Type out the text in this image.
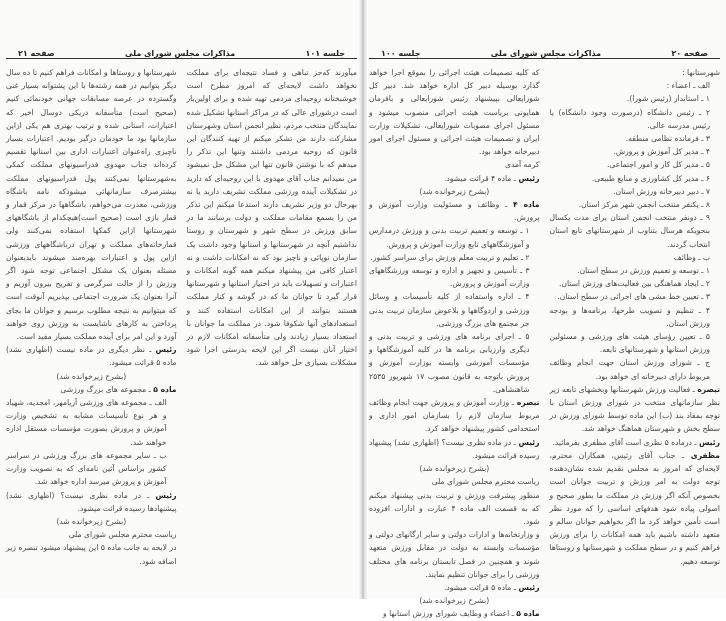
جلسه ۱۰۱
مذاکرات مجلس شورای ملی
صفحه ۲۱

میآورند که‌جز تباهی و فساد نتیجه‌ای برای مملکت نخواهد داشت لایحه‌ای که امروز مطرح است خوشبختانه روحیه‌ای مردمی تهیه شده و برای اولین‌بار است درشورای عالی که در مراکز استانها تشکیل شده نمایندگان منتخب مردم، نظیر انجمن استان وشهرستان مشارکت دارند من تشکر میکنم از تهیه کنندگان این قانون که روحیه مردمی داشتند وتنها این تذکر را میدهم که با نوشتن قانون تنها این مشکل حل نمیشود من نمیدانم جناب آقای مهدوی با این روحیه‌ای که دارید در تشکیلات آینده ورزشی مملکت تشریف دارید یا نه بهرحال دو وزیر تشریف دارند استدعا میکنم این تذکر من را بسمع مقامات مملکت و دولت برسانند ما در سابق ورزش در سطح شهر و شهرستان و روستا نداشتیم آنچه در شهرستانها و استانها وجود داشت یک سازمان نوپائی و ناچیز بود که نه امکانات داشت و نه اعتبار کافی من پیشنهاد میکنم همه گونه امکانات و اعتبارات و تسهیلات باید در اختیار استانها و شهرستانها قرار گیرد تا جوانان ما که در گوشه و کنار مملکت هستند بتوانند از این امکانات استفاده کنند و استعدادهای آنها شکوفا شود. در مملکت ما جوانان با استعداد بسیار زیادند ولی متأسفانه امکانات لازم در اختیار آنان نیست اگر این لایحه بدرستی اجرا شود مشکلات بسیاری حل خواهد شد.

شهرستانها و روستاها و امکانات فراهم کنیم تا ده سال دیگر بتوانیم در همه رشته‌ها با این پشتوانه بسیار غنی وگسترده در عرصه مسابقات جهانی خودنمائی کنیم (صحیح است) متأسفانه دریکی دوسال اخیر که اعتبارات، استانی شده و ترتیب بهتری هم یکی ازاین سازمانها بود ما خودمان درگیر بودیم. اعتبارات بسیار ناچیزی راه‌عنوان اعتبارات اداری بین استانها تقسیم کرده‌اند جناب مهدوی فدراسیونهای مملکت کمکی به‌شهرستانها نمی‌کنند پول فدراسیونهای مملکت بیشترصرف سازمانهائی میشودکه نامه باشگاه ورزشی، معذرت می‌خواهم، باشگاهها در مرکز قمار و قمار بازی است (صحیح است)هیچکدام از باشگاههای شهرستانها ازاین کمکها استفاده نمی‌کنند ولی قمارخانه‌های مملکت و تهران درباشگاههای ورزشی ازاین پول و اعتبارات بهره‌مند میشوند بایدبعنوان مسئله بعنوان یک مشکل اجتماعی توجه شود اگر ورزش را از حالت سرگرمی و تفریح بیرون آوریم و آنرا بعنوان یک ضرورت اجتماعی بپذیریم آنوقت است که میتوانیم به نتیجه مطلوب برسیم و جوانان ما بجای پرداختن به کارهای ناشایست به ورزش روی خواهند آورد و این امر برای آینده مملکت بسیار مفید است.

رئیس ـ نظر دیگری در ماده نیست (اظهاری نشد) ماده ۵ قرائت میشود.

(بشرح زیرخوانده شد)

ماده ۵ ـ مجموعه های بزرگ ورزشی

الف ـ مجموعه های ورزشی آریامهر، امجدیه، شهیاد و هر نوع تأسیسات مشابه به تشخیص وزارت آموزش و پرورش بصورت مؤسسات مستقل اداره خواهند شد.

ب ـ سایر مجموعه های بزرگ ورزشی در سراسر کشور براساس آئین نامه‌ای که به تصویب وزارت آموزش و پرورش میرسد اداره خواهد شد.

رئیس ـ در ماده نظری نیست؟ (اظهاری نشد) پیشنهادها رسیده قرائت میشود.

(بشرح زیرخوانده شد)

ریاست محترم مجلس شورای ملی

در لایحه به جانب ماده ۵ این پیشنهاد میشود تبصره زیر اضافه شود.

صفحه ۲۰
مذاکرات مجلس شورای ملی
جلسه ۱۰۰

شهرستانها :

الف ـ اعضاء :

۱ ـ استاندار (رئیس شورا).

۲ ـ رئیس دانشگاه (درصورت وجود دانشگاه) یا رئیس مدرسه عالی.

۳ ـ فرمانده نظامی منطقه.

۴ ـ مدیر کل آموزش و پرورش.

۵ ـ مدیر کل کار و امور اجتماعی.

۶ ـ مدیر کل کشاورزی و منابع طبیعی.

۷ ـ دبیر دبیرخانه ورزش استان.

۸ ـ یکنفر منتخب انجمن شهر مرکز استان.

۹ ـ دونفر منتخب انجمن استان برای مدت یکسال بنحویکه هرسال بتناوب از شهرستانهای تابع استان انتخاب گردند.

ب ـ وظائف

۱ ـ توسعه و تعمیم ورزش در سطح استان.

۲ ـ ایجاد هماهنگی بین فعالیت‌های ورزش استان.

۳ ـ تعیین خط مشی های اجرائی در سطح استان.

۴ ـ تنظیم و تصویب طرحها، برنامه‌ها و بودجه ورزش استان.

۵ ـ تعیین رؤسای هیئت های ورزشی و مسئولین ورزش استانها و شهرستانهای تابعه.

ج ـ شورای ورزش استان جهت انجام وظائف مربوط دارای دبیرخانه ای خواهد بود.

تبصره ـ فعالیت ورزش شهرستانها وبخشهای تابعه زیر نظر سازمانهای منتخب در شورای ورزش استان با توجه بمفاد بند (ب) این ماده توسط شورای ورزش در سطح بخش و شهرستان هماهنگ خواهد شد.

رئیس ـ درماده ۵ نظری است آقای مظفری بفرمائید.

مظفری ـ جناب آقای رئیس، همکاران محترم، لایحه‌ای که امروز به مجلس تقدیم شده نشان‌دهنده توجه دولت به امر ورزش و تربیت جوانان است بخصوص آنکه اگر ورزش در مملکت ما بطور صحیح و اصولی پیاده شود هدفهای اساسی را که مورد نظر است تأمین خواهد کرد ما اگر بخواهیم جوانان سالم و متعهد داشته باشیم باید همه امکانات را برای ورزش فراهم کنیم و در سطح مملکت و شهرستانها و روستاها توسعه دهیم.

که کلیه تصمیمات هیئت اجرائی را بموقع اجرا خواهد گذارد بوسیله دبیر کل اداره خواهد شد. دبیر کل شورایعالی بپیشنهاد رئیس شورایعالی و بافرمان همایونی بریاست هیئت اجرائی منصوب میشود و مسئول اجرای مصوبات شورایعالی، تشکیلات وزارت ایران و تصمیمات هیئت اجرائی و مسئول اجرای امور دبیرخانه خواهد بود.

کرمه آمدی

رئیس ـ ماده ۴ قرائت میشود.

(بشرح زیرخوانده شد)

ماده ۴ ـ وظائف و مسئولیت وزارت آموزش و پرورش.

۱ ـ توسعه و تعمیم تربیت بدنی و ورزش درمدارس و آموزشگاههای تابع وزارت آموزش و پرورش.

۲ ـ تعلیم و تربیت معلم ورزش برای سراسر کشور.

۳ ـ تأسیس و تجهیز و اداره و توسعه ورزشگاههای وزارت آموزش و پرورش.

۴ ـ اداره واستفاده از کلیه تأسیسات و وسائل ورزشی و اردوگاهها و بلاعوض سازمان تربیت بدنی جز مجتمع های بزرگ ورزشی.

۵ ـ اجرای برنامه های ورزشی و تربیت بدنی و دیگری وارزیابی برنامه ها در کلیه آموزشگاهها و مؤسسات آموزشی وابسته بوزارت آموزش و پرورش باتوجه به قانون مصوب ۱۷ شهریور ۲۵۳۵ شاهنشاهی.

تبصره ـ وزارت آموزش و پرورش جهت انجام وظائف مربوط سازمان لازم را بسازمان امور اداری و استخدامی کشور پیشنهاد خواهد کرد.

رئیس ـ در ماده نظری نیست؟ (اظهاری نشد) پیشنهاد رسیده قرائت میشود.

(بشرح زیرخوانده شد)

ریاست محترم مجلس شورای ملی

منظور پیشرفت ورزش و تربیت بدنی پیشنهاد میکنم که به قسمت الف ماده ۴ عبارت و ادارات افزوده شود.

و وزارتخانه‌ها و ادارات دولتی و سایر ارگانهای دولتی و مؤسسات وابسته به دولت در مقابل ورزش متعهد شوند و همچنین در فصل تابستان برنامه های مختلف ورزشی را برای جوانان تنظیم نمایند.

رئیس ـ ماده ۵ قرائت میشود.

(بشرح زیرخوانده شد)

ماده ۵ ـ اعضاء و وظایف شورای ورزش استانها و
